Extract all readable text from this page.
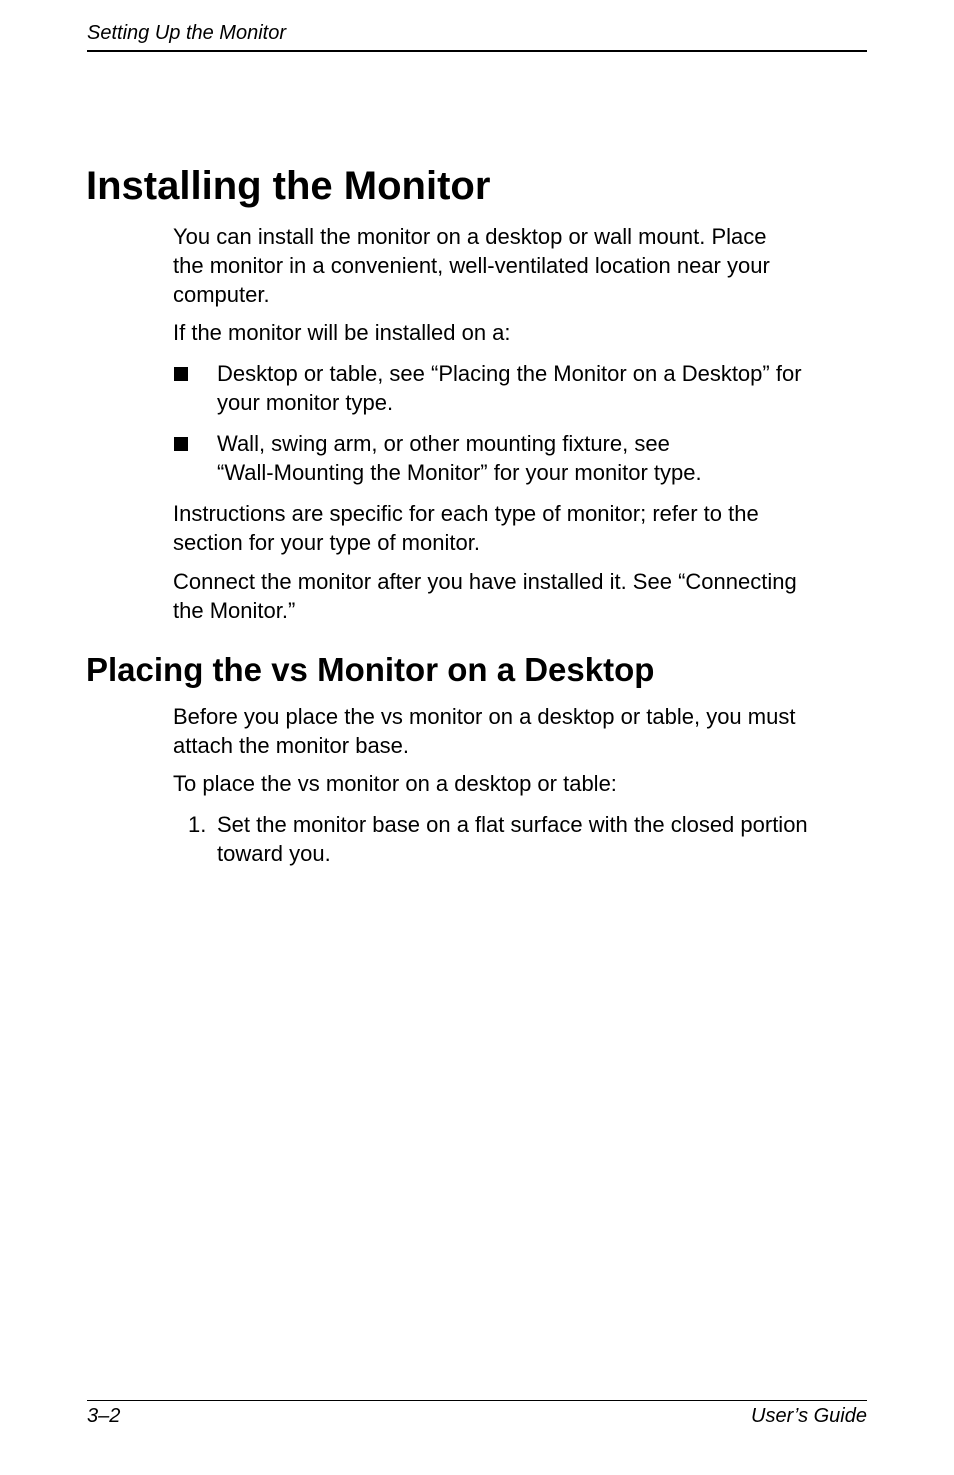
Setting Up the Monitor
Installing the Monitor

You can install the monitor on a desktop or wall mount. Place
the monitor in a convenient, well-ventilated location near your
computer.

If the monitor will be installed on a:

Desktop or table, see “Placing the Monitor on a Desktop” for
your monitor type.

Wall, swing arm, or other mounting fixture, see
“Wall-Mounting the Monitor” for your monitor type.

Instructions are specific for each type of monitor; refer to the
section for your type of monitor.

Connect the monitor after you have installed it. See “Connecting
the Monitor.”

Placing the vs Monitor on a Desktop

Before you place the vs monitor on a desktop or table, you must
attach the monitor base.

To place the vs monitor on a desktop or table:

1. Set the monitor base on a flat surface with the closed portion
toward you.

3–2	User’s Guide
